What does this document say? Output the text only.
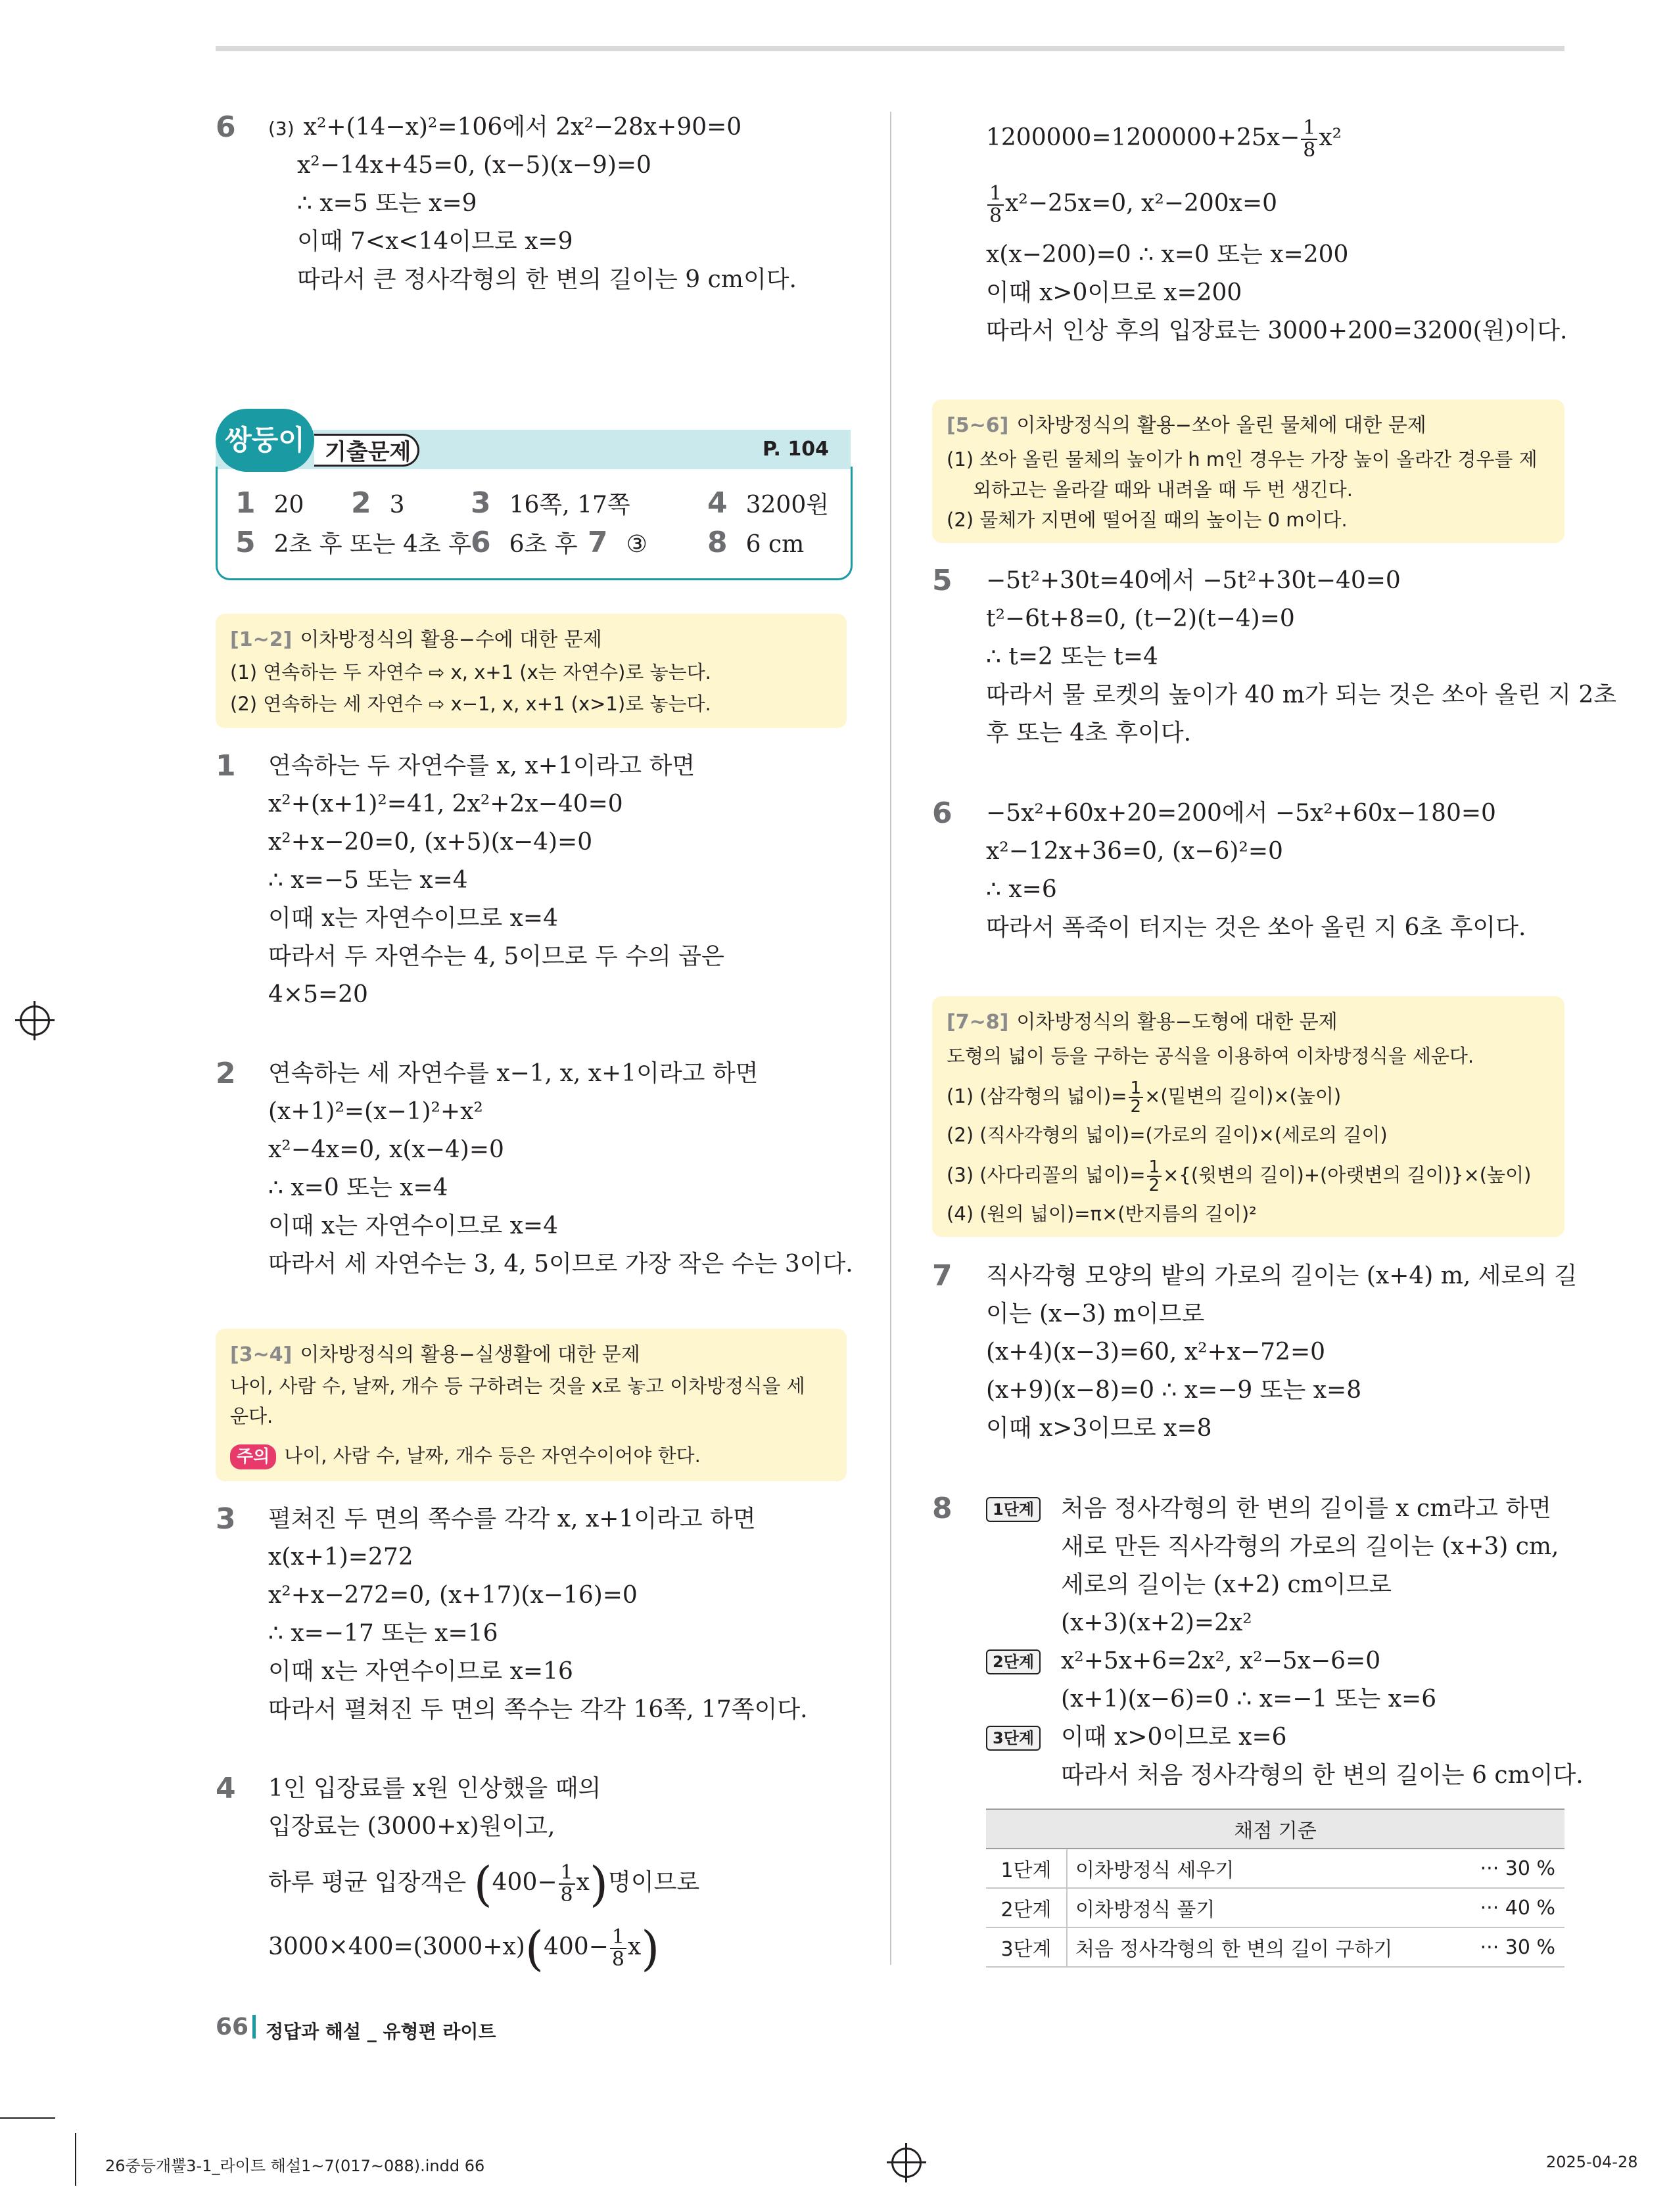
6 (3) x²+(14−x)²=106에서 2x²−28x+90=0
x²−14x+45=0, (x−5)(x−9)=0
∴ x=5 또는 x=9
이때 7<x<14이므로 x=9
따라서 큰 정사각형의 한 변의 길이는 9 cm이다.
쌍둥이 기출문제	P. 104
1 20 2 3 3 16쪽, 17쪽	4 3200원
5 2초 후 또는 4초 후 6 6초 후 7 ③ 8 6 cm
[1~2] 이차방정식의 활용−수에 대한 문제
(1) 연속하는 두 자연수 ⇨ x, x+1 (x는 자연수)로 놓는다.
(2) 연속하는 세 자연수 ⇨ x−1, x, x+1 (x>1)로 놓는다.
1 연속하는 두 자연수를 x, x+1이라고 하면
x²+(x+1)²=41, 2x²+2x−40=0
x²+x−20=0, (x+5)(x−4)=0
∴ x=−5 또는 x=4
이때 x는 자연수이므로 x=4
따라서 두 자연수는 4, 5이므로 두 수의 곱은
4×5=20
2 연속하는 세 자연수를 x−1, x, x+1이라고 하면
(x+1)²=(x−1)²+x²
x²−4x=0, x(x−4)=0
∴ x=0 또는 x=4
이때 x는 자연수이므로 x=4
따라서 세 자연수는 3, 4, 5이므로 가장 작은 수는 3이다.
[3~4] 이차방정식의 활용−실생활에 대한 문제
나이, 사람 수, 날짜, 개수 등 구하려는 것을 x로 놓고 이차방정식을 세
운다.
주의 나이, 사람 수, 날짜, 개수 등은 자연수이어야 한다.
3 펼쳐진 두 면의 쪽수를 각각 x, x+1이라고 하면
x(x+1)=272
x²+x−272=0, (x+17)(x−16)=0
∴ x=−17 또는 x=16
이때 x는 자연수이므로 x=16
따라서 펼쳐진 두 면의 쪽수는 각각 16쪽, 17쪽이다.
4 1인 입장료를 x원 인상했을 때의
입장료는 (3000+x)원이고,
하루 평균 입장객은 $(400- \frac{1}{8} x)$명이므로
$3000\times 400=(3000+x)(400- \frac{1}{8} x)$
$1200000=1200000+25x- \frac{1}{8} x^2$
$\frac{1}{8} x^2-25x=0$, x²−200x=0
x(x−200)=0 ∴ x=0 또는 x=200
이때 x>0이므로 x=200
따라서 인상 후의 입장료는 3000+200=3200(원)이다.
[5~6] 이차방정식의 활용−쏘아 올린 물체에 대한 문제
(1) 쏘아 올린 물체의 높이가 h m인 경우는 가장 높이 올라간 경우를 제
외하고는 올라갈 때와 내려올 때 두 번 생긴다.
(2) 물체가 지면에 떨어질 때의 높이는 0 m이다.
5 −5t²+30t=40에서 −5t²+30t−40=0
t²−6t+8=0, (t−2)(t−4)=0
∴ t=2 또는 t=4
따라서 물 로켓의 높이가 40 m가 되는 것은 쏘아 올린 지 2초
후 또는 4초 후이다.
6 −5x²+60x+20=200에서 −5x²+60x−180=0
x²−12x+36=0, (x−6)²=0
∴ x=6
따라서 폭죽이 터지는 것은 쏘아 올린 지 6초 후이다.
[7~8] 이차방정식의 활용−도형에 대한 문제
도형의 넓이 등을 구하는 공식을 이용하여 이차방정식을 세운다.
(1) (삼각형의 넓이)= $\frac{1}{2}$ ×(밑변의 길이)×(높이)
(2) (직사각형의 넓이)=(가로의 길이)×(세로의 길이)
(3) (사다리꼴의 넓이)= $\frac{1}{2}$ ×{(윗변의 길이)+(아랫변의 길이)}×(높이)
(4) (원의 넓이)=π×(반지름의 길이)²
7 직사각형 모양의 밭의 가로의 길이는 (x+4) m, 세로의 길
이는 (x−3) m이므로
(x+4)(x−3)=60, x²+x−72=0
(x+9)(x−8)=0 ∴ x=−9 또는 x=8
이때 x>3이므로 x=8
8	1단계 처음 정사각형의 한 변의 길이를 x cm라고 하면
새로 만든 직사각형의 가로의 길이는 (x+3) cm,
세로의 길이는 (x+2) cm이므로
(x+3)(x+2)=2x²
2단계 x²+5x+6=2x², x²−5x−6=0
(x+1)(x−6)=0 ∴ x=−1 또는 x=6
3단계 이때 x>0이므로 x=6
따라서 처음 정사각형의 한 변의 길이는 6 cm이다.
채점 기준		
1단계	이차방정식 세우기	··· 30 %
2단계	이차방정식 풀기	··· 40 %
3단계	처음 정사각형의 한 변의 길이 구하기	··· 30 %
66 정답과 해설 _ 유형편 라이트
26중등개뿔3-1_라이트 해설1~7(017~088).indd 66	2025-04-28
